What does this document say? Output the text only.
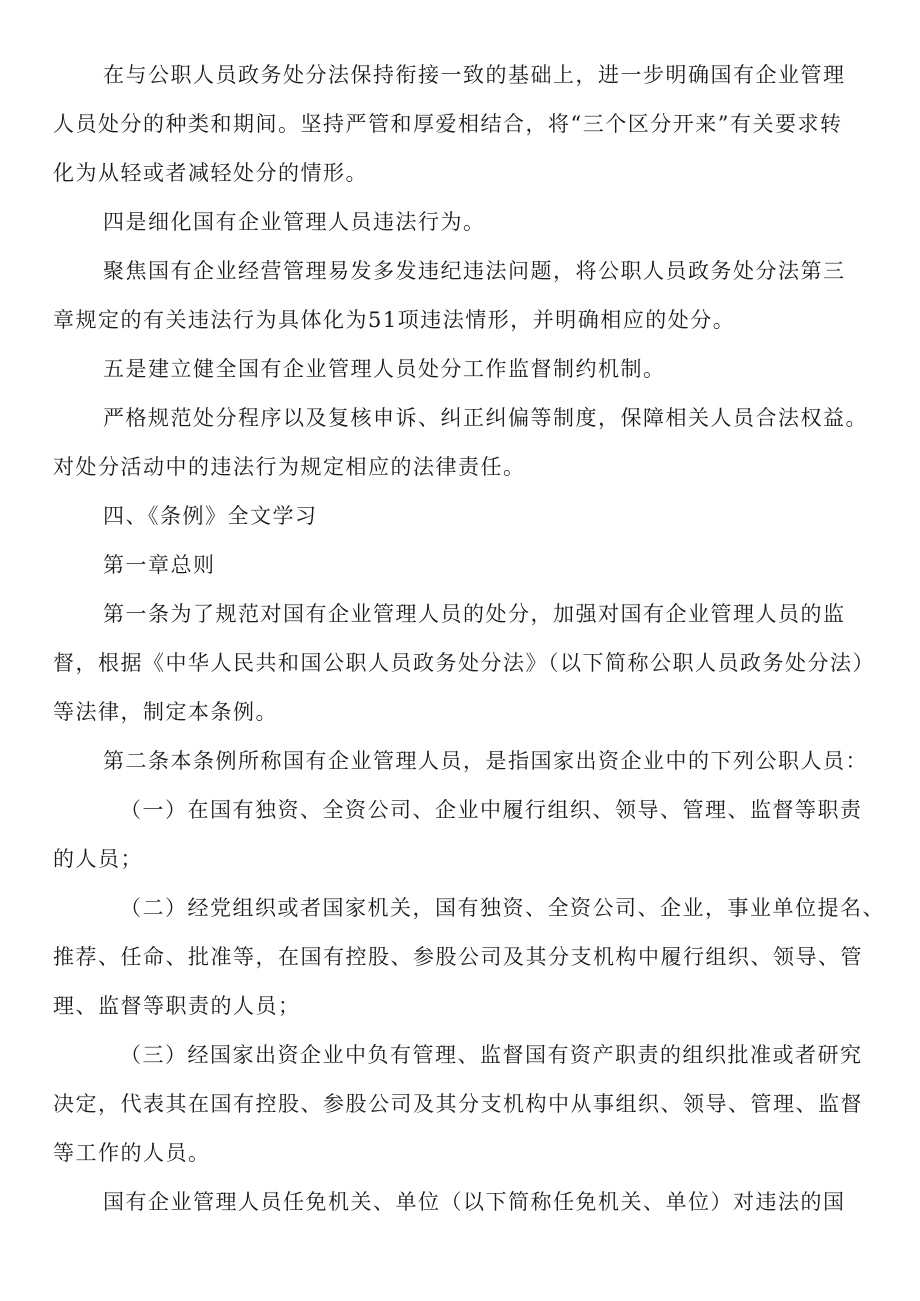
在与公职人员政务处分法保持衔接一致的基础上，进一步明确国有企业管理
人员处分的种类和期间。坚持严管和厚爱相结合，将“三个区分开来”有关要求转
化为从轻或者减轻处分的情形。
四是细化国有企业管理人员违法行为。
聚焦国有企业经营管理易发多发违纪违法问题，将公职人员政务处分法第三
章规定的有关违法行为具体化为51项违法情形，并明确相应的处分。
五是建立健全国有企业管理人员处分工作监督制约机制。
严格规范处分程序以及复核申诉、纠正纠偏等制度，保障相关人员合法权益。
对处分活动中的违法行为规定相应的法律责任。
四、《条例》全文学习
第一章总则
第一条为了规范对国有企业管理人员的处分，加强对国有企业管理人员的监
督，根据《中华人民共和国公职人员政务处分法》（以下简称公职人员政务处分法）
等法律，制定本条例。
第二条本条例所称国有企业管理人员，是指国家出资企业中的下列公职人员：
（一）在国有独资、全资公司、企业中履行组织、领导、管理、监督等职责
的人员；
（二）经党组织或者国家机关，国有独资、全资公司、企业，事业单位提名、
推荐、任命、批准等，在国有控股、参股公司及其分支机构中履行组织、领导、管
理、监督等职责的人员；
（三）经国家出资企业中负有管理、监督国有资产职责的组织批准或者研究
决定，代表其在国有控股、参股公司及其分支机构中从事组织、领导、管理、监督
等工作的人员。
国有企业管理人员任免机关、单位（以下简称任免机关、单位）对违法的国
